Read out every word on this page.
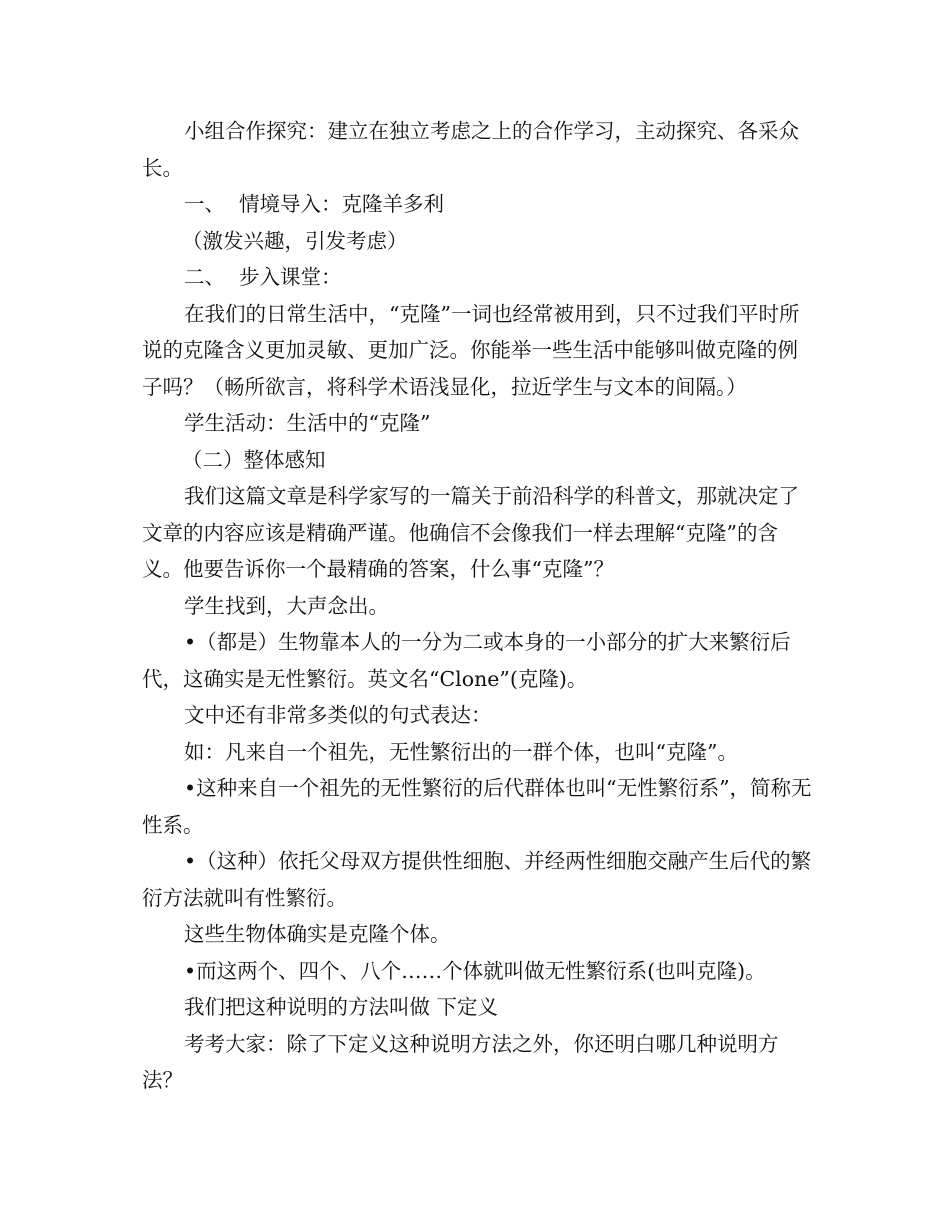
小组合作探究：建立在独立考虑之上的合作学习，主动探究、各采众长。

一、 情境导入：克隆羊多利

（激发兴趣，引发考虑）

二、 步入课堂：

在我们的日常生活中，“克隆”一词也经常被用到，只不过我们平时所说的克隆含义更加灵敏、更加广泛。你能举一些生活中能够叫做克隆的例子吗？（畅所欲言，将科学术语浅显化，拉近学生与文本的间隔。）

学生活动：生活中的“克隆”

（二）整体感知

我们这篇文章是科学家写的一篇关于前沿科学的科普文，那就决定了文章的内容应该是精确严谨。他确信不会像我们一样去理解“克隆”的含义。他要告诉你一个最精确的答案，什么事“克隆”？

学生找到，大声念出。

•（都是）生物靠本人的一分为二或本身的一小部分的扩大来繁衍后代，这确实是无性繁衍。英文名“Clone”(克隆)。

文中还有非常多类似的句式表达：

如：凡来自一个祖先，无性繁衍出的一群个体，也叫“克隆”。

•这种来自一个祖先的无性繁衍的后代群体也叫“无性繁衍系”，简称无性系。

•（这种）依托父母双方提供性细胞、并经两性细胞交融产生后代的繁衍方法就叫有性繁衍。

这些生物体确实是克隆个体。

•而这两个、四个、八个……个体就叫做无性繁衍系(也叫克隆)。

我们把这种说明的方法叫做 下定义

考考大家：除了下定义这种说明方法之外，你还明白哪几种说明方法？
